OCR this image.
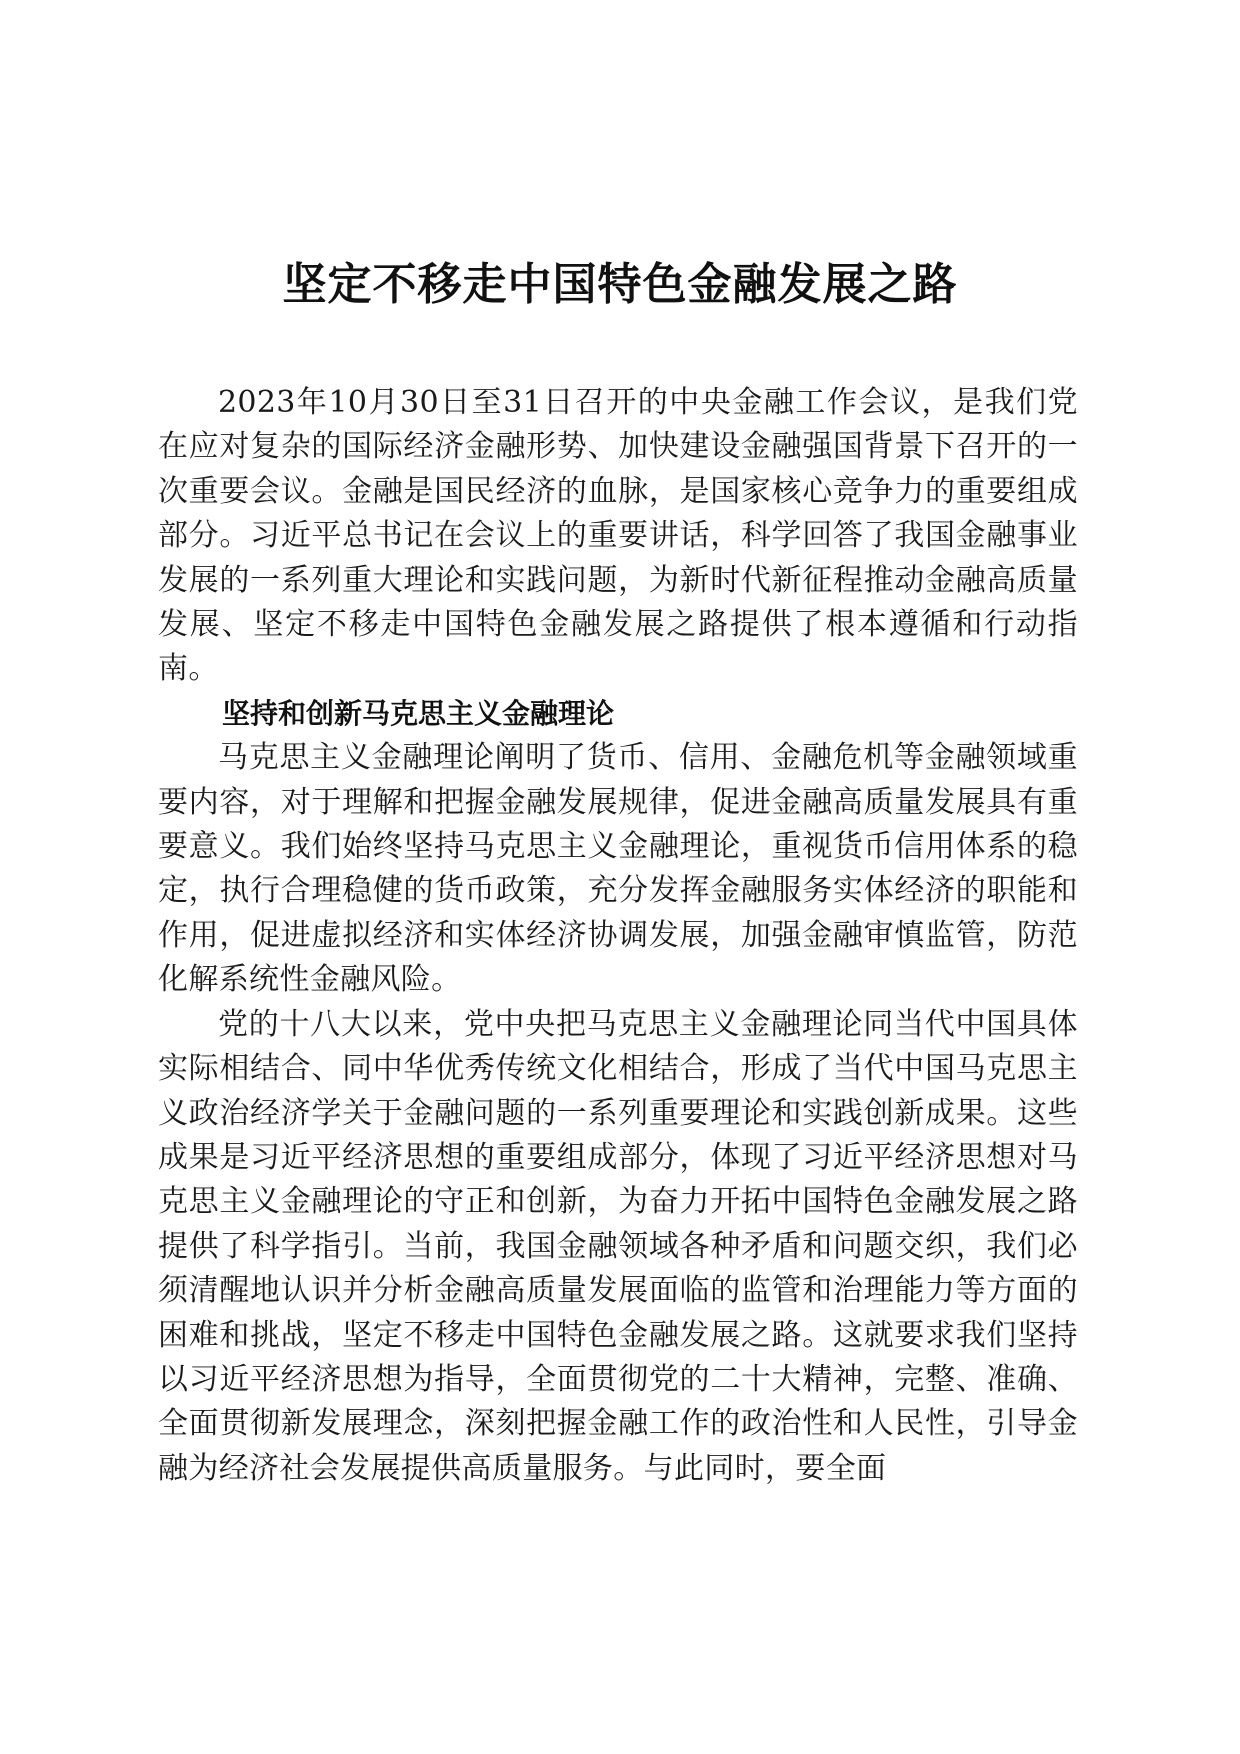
坚定不移走中国特色金融发展之路

2023年10月30日至31日召开的中央金融工作会议，是我们党在应对复杂的国际经济金融形势、加快建设金融强国背景下召开的一次重要会议。金融是国民经济的血脉，是国家核心竞争力的重要组成部分。习近平总书记在会议上的重要讲话，科学回答了我国金融事业发展的一系列重大理论和实践问题，为新时代新征程推动金融高质量发展、坚定不移走中国特色金融发展之路提供了根本遵循和行动指南。

坚持和创新马克思主义金融理论

马克思主义金融理论阐明了货币、信用、金融危机等金融领域重要内容，对于理解和把握金融发展规律，促进金融高质量发展具有重要意义。我们始终坚持马克思主义金融理论，重视货币信用体系的稳定，执行合理稳健的货币政策，充分发挥金融服务实体经济的职能和作用，促进虚拟经济和实体经济协调发展，加强金融审慎监管，防范化解系统性金融风险。

党的十八大以来，党中央把马克思主义金融理论同当代中国具体实际相结合、同中华优秀传统文化相结合，形成了当代中国马克思主义政治经济学关于金融问题的一系列重要理论和实践创新成果。这些成果是习近平经济思想的重要组成部分，体现了习近平经济思想对马克思主义金融理论的守正和创新，为奋力开拓中国特色金融发展之路提供了科学指引。当前，我国金融领域各种矛盾和问题交织，我们必须清醒地认识并分析金融高质量发展面临的监管和治理能力等方面的困难和挑战，坚定不移走中国特色金融发展之路。这就要求我们坚持以习近平经济思想为指导，全面贯彻党的二十大精神，完整、准确、全面贯彻新发展理念，深刻把握金融工作的政治性和人民性，引导金融为经济社会发展提供高质量服务。与此同时，要全面
